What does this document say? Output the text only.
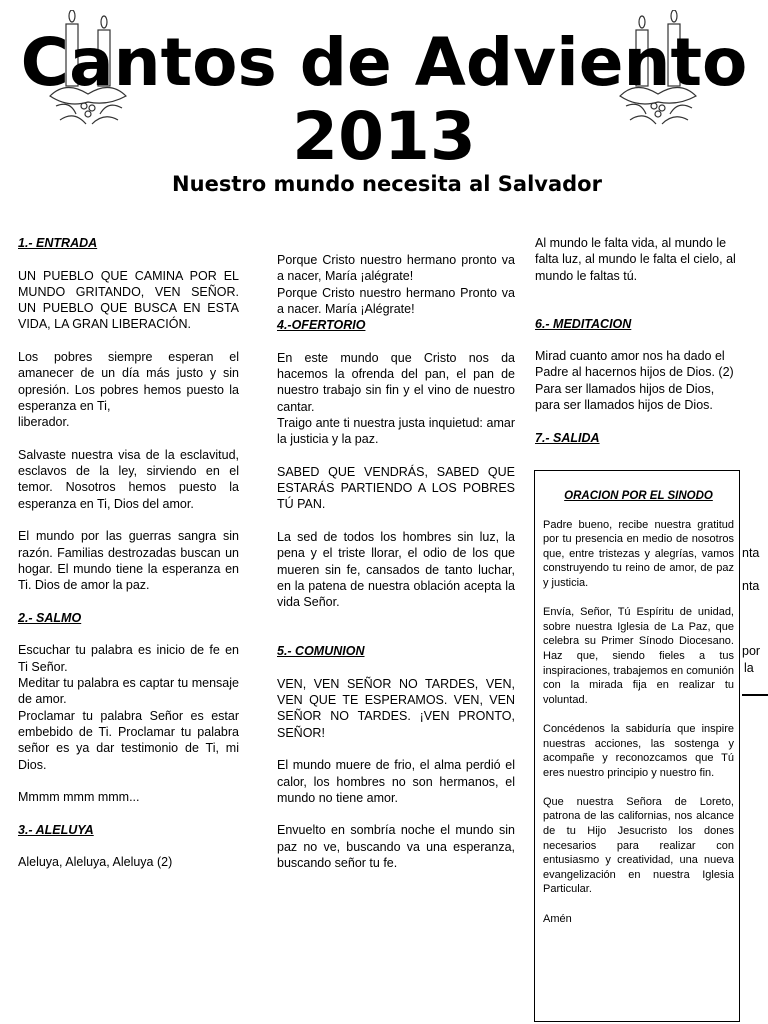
Cantos de Adviento
2013
Nuestro mundo necesita al Salvador
1.- ENTRADA

UN PUEBLO QUE CAMINA POR EL MUNDO GRITANDO, VEN SEÑOR. UN PUEBLO QUE BUSCA EN ESTA VIDA, LA GRAN LIBERACIÓN.

Los pobres siempre esperan el amanecer de un día más justo y sin opresión. Los pobres hemos puesto la esperanza en Ti,

liberador.

Salvaste nuestra visa de la esclavitud, esclavos de la ley, sirviendo en el temor. Nosotros hemos puesto la esperanza en Ti, Dios del amor.

El mundo por las guerras sangra sin razón. Familias destrozadas buscan un hogar. El mundo tiene la esperanza en Ti. Dios de amor la paz.

2.- SALMO

Escuchar tu palabra es inicio de fe en Ti Señor.

Meditar tu palabra es captar tu mensaje de amor.

Proclamar tu palabra Señor es estar embebido de Ti. Proclamar tu palabra señor es ya dar testimonio de Ti, mi Dios.

Mmmm mmm mmm...

3.- ALELUYA

Aleluya, Aleluya, Aleluya (2)

Porque Cristo nuestro hermano pronto va a nacer, María ¡alégrate!

Porque Cristo nuestro hermano Pronto va a nacer. María ¡Alégrate!

4.-OFERTORIO

En este mundo que Cristo nos da hacemos la ofrenda del pan, el pan de nuestro trabajo sin fin y el vino de nuestro cantar.

Traigo ante ti nuestra justa inquietud: amar la justicia y la paz.

SABED QUE VENDRÁS, SABED QUE ESTARÁS PARTIENDO A LOS POBRES TÚ PAN.

La sed de todos los hombres sin luz, la pena y el triste llorar, el odio de los que mueren sin fe, cansados de tanto luchar, en la patena de nuestra oblación acepta la vida Señor.

5.- COMUNION

VEN, VEN SEÑOR NO TARDES, VEN, VEN QUE TE ESPERAMOS. VEN, VEN SEÑOR NO TARDES. ¡VEN PRONTO, SEÑOR!

El mundo muere de frio, el alma perdió el calor, los hombres no son hermanos, el mundo no tiene amor.

Envuelto en sombría noche el mundo sin paz no ve, buscando va una esperanza, buscando señor tu fe.

Al mundo le falta vida, al mundo le

falta luz, al mundo le falta el cielo, al

mundo le faltas tú.

6.- MEDITACION

Mirad cuanto amor nos ha dado el

Padre al hacernos hijos de Dios. (2)

Para ser llamados hijos de Dios,

para ser llamados hijos de Dios.

7.- SALIDA
nta
nta
por
la
ORACION POR EL SINODO

Padre bueno, recibe nuestra gratitud por tu presencia en medio de nosotros que, entre tristezas y alegrías, vamos construyendo tu reino de amor, de paz y justicia.

Envía, Señor, Tú Espíritu de unidad, sobre nuestra Iglesia de La Paz, que celebra su Primer Sínodo Diocesano. Haz que, siendo fieles a tus inspiraciones, trabajemos en comunión con la mirada fija en realizar tu voluntad.

Concédenos la sabiduría que inspire nuestras acciones, las sostenga y acompañe y reconozcamos que Tú eres nuestro principio y nuestro fin.

Que nuestra Señora de Loreto, patrona de las californias, nos alcance de tu Hijo Jesucristo los dones necesarios para realizar con entusiasmo y creatividad, una nueva evangelización en nuestra Iglesia Particular.

Amén
